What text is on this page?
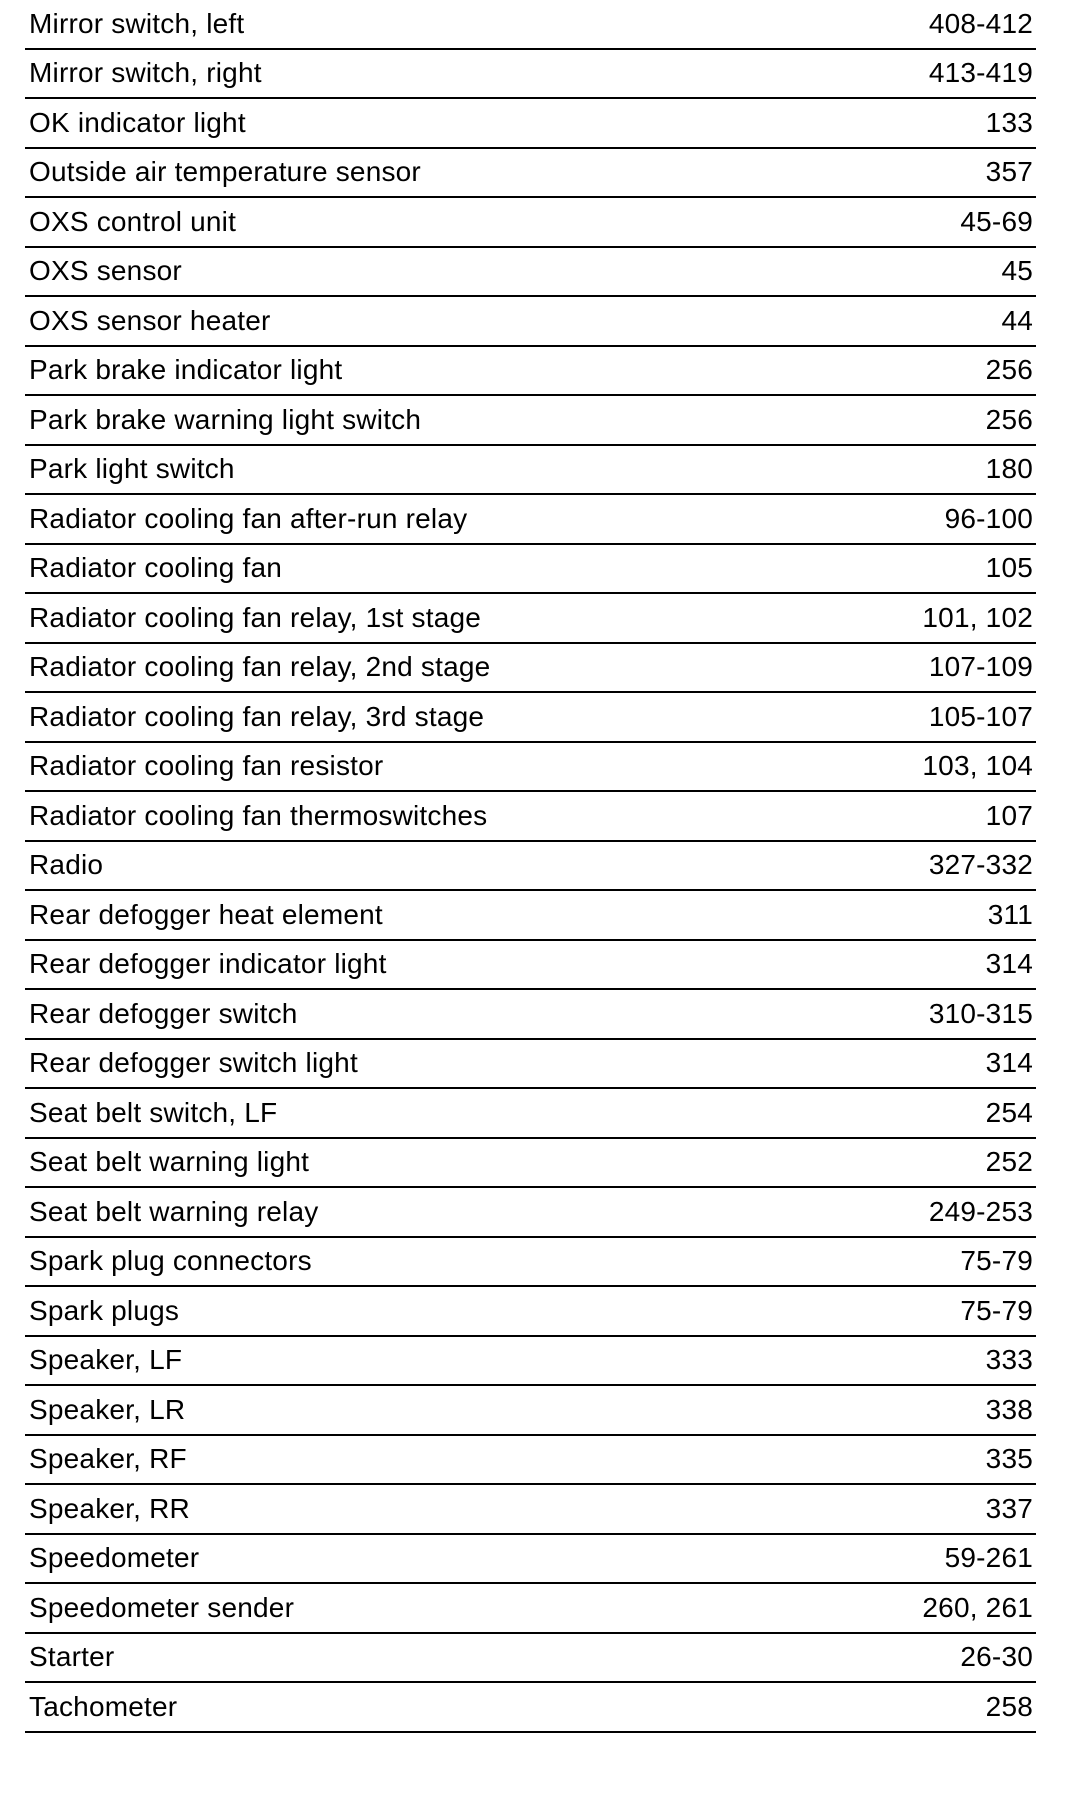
Mirror switch, left	408-412
Mirror switch, right	413-419
OK indicator light	133
Outside air temperature sensor	357
OXS control unit	45-69
OXS sensor	45
OXS sensor heater	44
Park brake indicator light	256
Park brake warning light switch	256
Park light switch	180
Radiator cooling fan after-run relay	96-100
Radiator cooling fan	105
Radiator cooling fan relay, 1st stage	101, 102
Radiator cooling fan relay, 2nd stage	107-109
Radiator cooling fan relay, 3rd stage	105-107
Radiator cooling fan resistor	103, 104
Radiator cooling fan thermoswitches	107
Radio	327-332
Rear defogger heat element	311
Rear defogger indicator light	314
Rear defogger switch	310-315
Rear defogger switch light	314
Seat belt switch, LF	254
Seat belt warning light	252
Seat belt warning relay	249-253
Spark plug connectors	75-79
Spark plugs	75-79
Speaker, LF	333
Speaker, LR	338
Speaker, RF	335
Speaker, RR	337
Speedometer	59-261
Speedometer sender	260, 261
Starter	26-30
Tachometer	258
